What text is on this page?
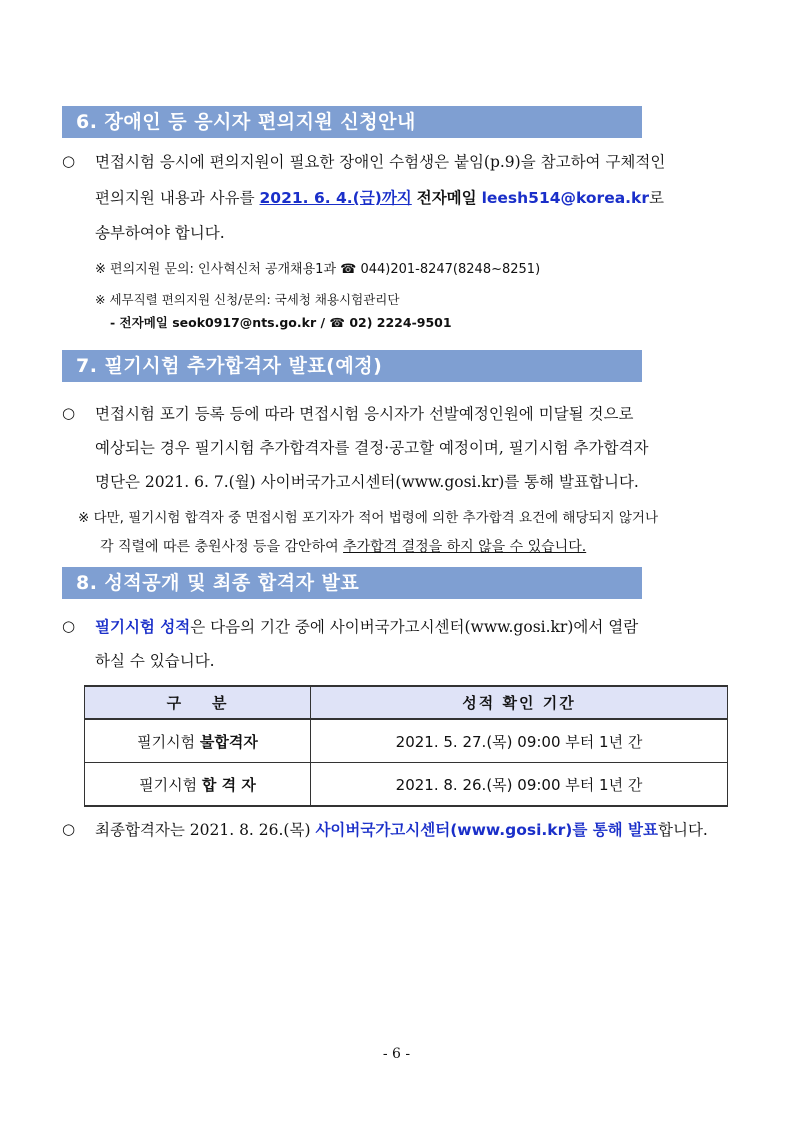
6. 장애인 등 응시자 편의지원 신청안내
○ 면접시험 응시에 편의지원이 필요한 장애인 수험생은 붙임(p.9)을 참고하여 구체적인
편의지원 내용과 사유를 2021. 6. 4.(금)까지 전자메일 leesh514@korea.kr로
송부하여야 합니다.
※ 편의지원 문의: 인사혁신처 공개채용1과 ☎ 044)201-8247(8248~8251)
※ 세무직렬 편의지원 신청/문의: 국세청 채용시험관리단
- 전자메일 seok0917@nts.go.kr / ☎ 02) 2224-9501
7. 필기시험 추가합격자 발표(예정)
○ 면접시험 포기 등록 등에 따라 면접시험 응시자가 선발예정인원에 미달될 것으로
예상되는 경우 필기시험 추가합격자를 결정·공고할 예정이며, 필기시험 추가합격자
명단은 2021. 6. 7.(월) 사이버국가고시센터(www.gosi.kr)를 통해 발표합니다.
※ 다만, 필기시험 합격자 중 면접시험 포기자가 적어 법령에 의한 추가합격 요건에 해당되지 않거나
각 직렬에 따른 충원사정 등을 감안하여 추가합격 결정을 하지 않을 수 있습니다.
8. 성적공개 및 최종 합격자 발표
○ 필기시험 성적은 다음의 기간 중에 사이버국가고시센터(www.gosi.kr)에서 열람
하실 수 있습니다.
구    분	성적 확인 기간
필기시험 불합격자	2021. 5. 27.(목) 09:00 부터 1년 간
필기시험 합 격 자	2021. 8. 26.(목) 09:00 부터 1년 간
○ 최종합격자는 2021. 8. 26.(목) 사이버국가고시센터(www.gosi.kr)를 통해 발표합니다.
- 6 -
